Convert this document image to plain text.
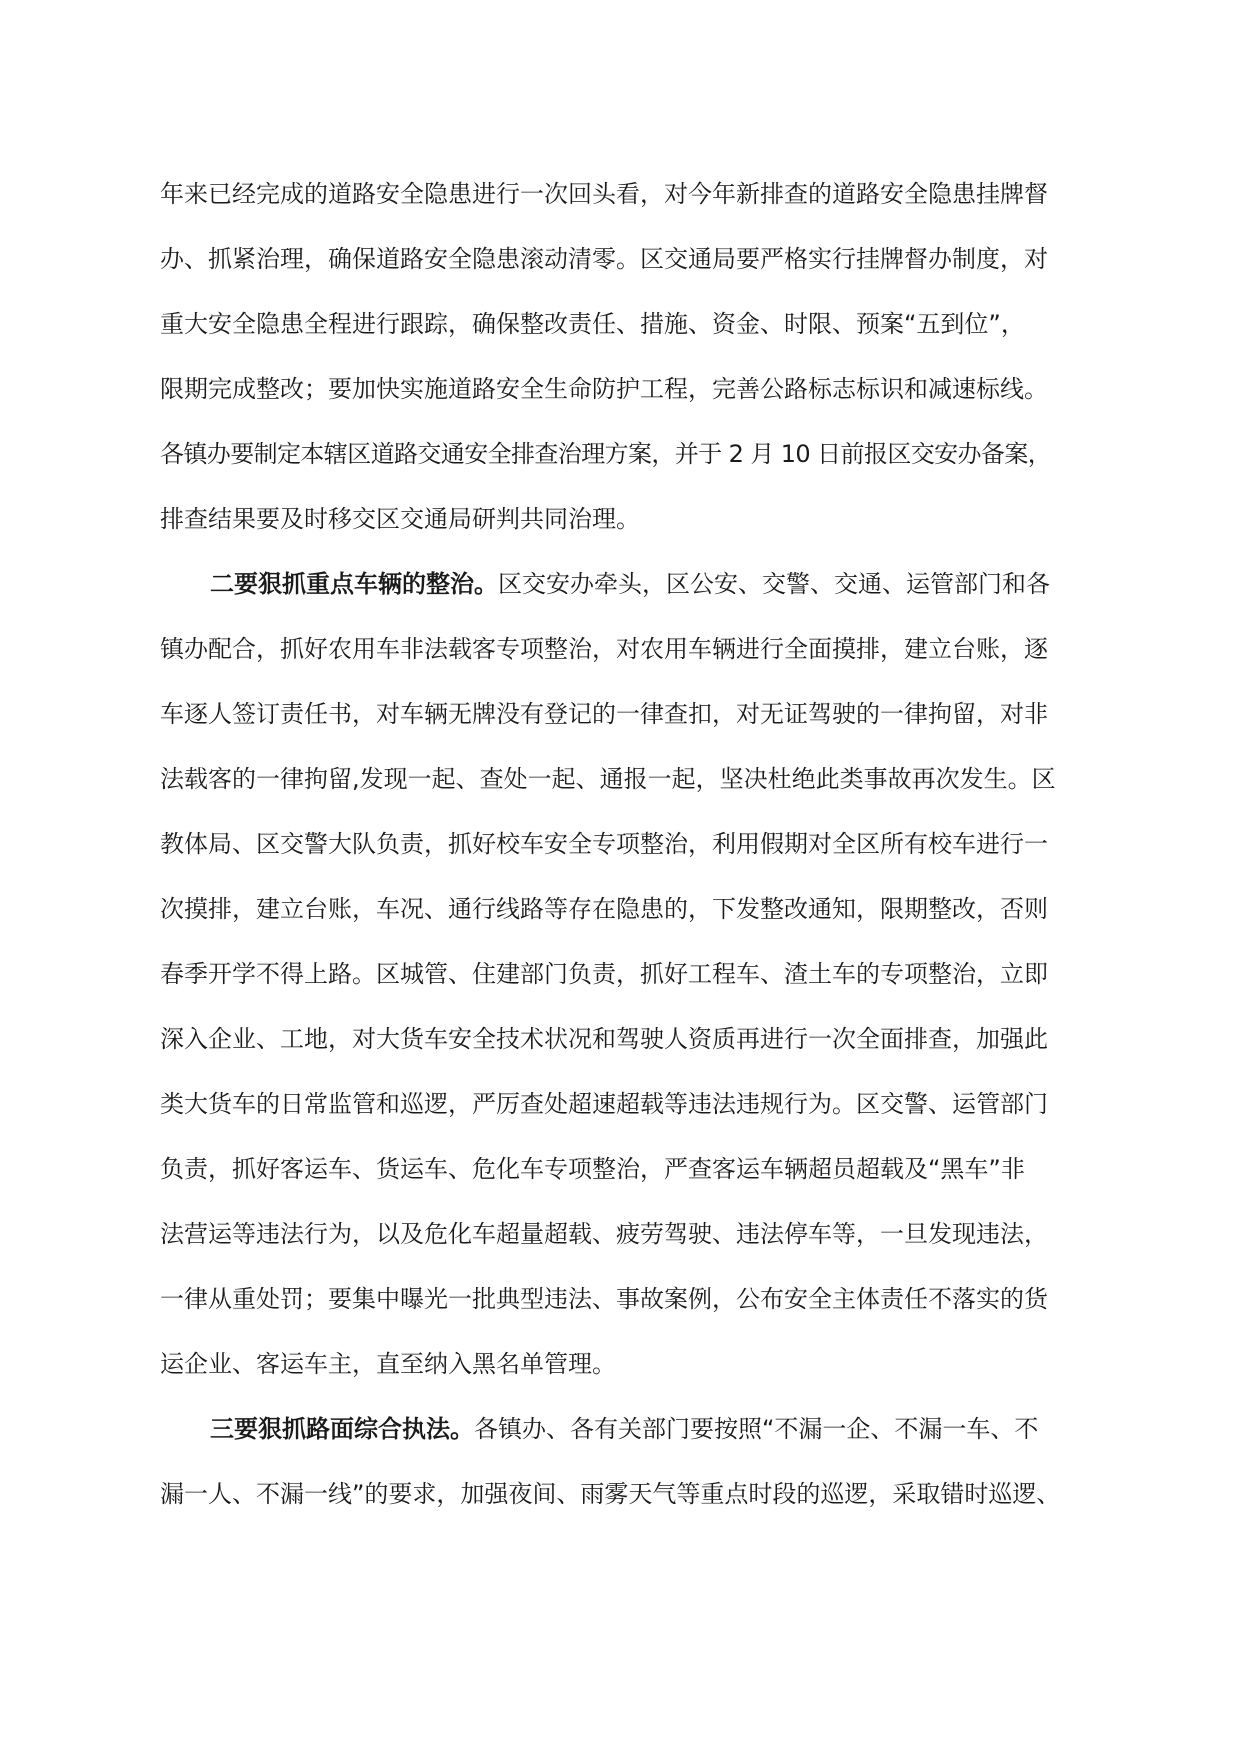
年来已经完成的道路安全隐患进行一次回头看，对今年新排查的道路安全隐患挂牌督
办、抓紧治理，确保道路安全隐患滚动清零。区交通局要严格实行挂牌督办制度，对
重大安全隐患全程进行跟踪，确保整改责任、措施、资金、时限、预案“五到位”，
限期完成整改；要加快实施道路安全生命防护工程，完善公路标志标识和减速标线。
各镇办要制定本辖区道路交通安全排查治理方案，并于 2 月 10 日前报区交安办备案，
排查结果要及时移交区交通局研判共同治理。
二要狠抓重点车辆的整治。区交安办牵头，区公安、交警、交通、运管部门和各
镇办配合，抓好农用车非法载客专项整治，对农用车辆进行全面摸排，建立台账，逐
车逐人签订责任书，对车辆无牌没有登记的一律查扣，对无证驾驶的一律拘留，对非
法载客的一律拘留,发现一起、查处一起、通报一起，坚决杜绝此类事故再次发生。区
教体局、区交警大队负责，抓好校车安全专项整治，利用假期对全区所有校车进行一
次摸排，建立台账，车况、通行线路等存在隐患的，下发整改通知，限期整改，否则
春季开学不得上路。区城管、住建部门负责，抓好工程车、渣土车的专项整治，立即
深入企业、工地，对大货车安全技术状况和驾驶人资质再进行一次全面排查，加强此
类大货车的日常监管和巡逻，严厉查处超速超载等违法违规行为。区交警、运管部门
负责，抓好客运车、货运车、危化车专项整治，严查客运车辆超员超载及“黑车”非
法营运等违法行为，以及危化车超量超载、疲劳驾驶、违法停车等，一旦发现违法，
一律从重处罚；要集中曝光一批典型违法、事故案例，公布安全主体责任不落实的货
运企业、客运车主，直至纳入黑名单管理。
三要狠抓路面综合执法。各镇办、各有关部门要按照“不漏一企、不漏一车、不
漏一人、不漏一线”的要求，加强夜间、雨雾天气等重点时段的巡逻，采取错时巡逻、
